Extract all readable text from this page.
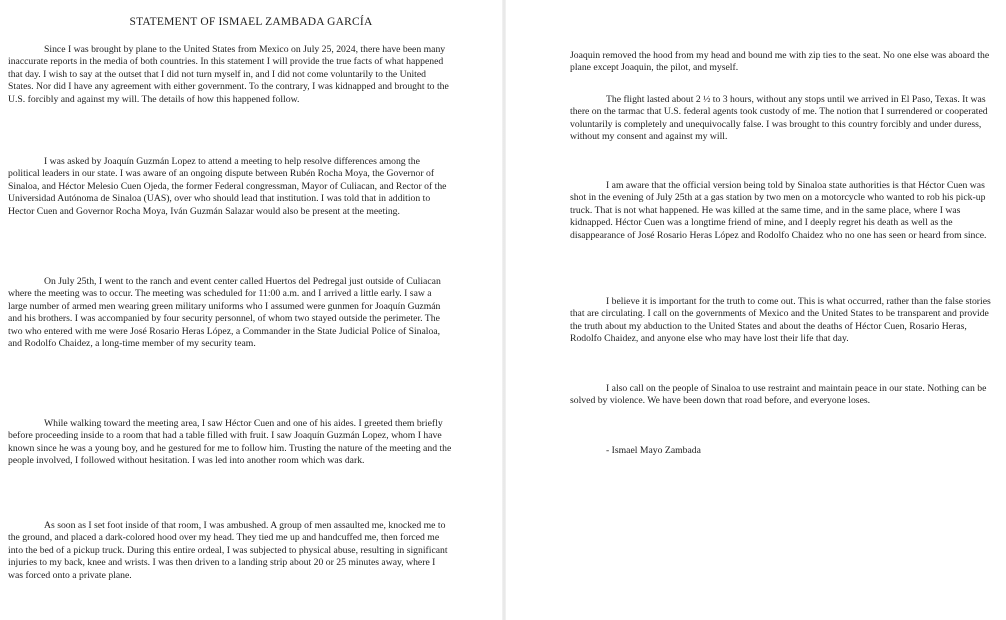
STATEMENT OF ISMAEL ZAMBADA GARCÍA

Since I was brought by plane to the United States from Mexico on July 25, 2024, there have been many inaccurate reports in the media of both countries. In this statement I will provide the true facts of what happened that day. I wish to say at the outset that I did not turn myself in, and I did not come voluntarily to the United States. Nor did I have any agreement with either government. To the contrary, I was kidnapped and brought to the U.S. forcibly and against my will. The details of how this happened follow.

I was asked by Joaquín Guzmán Lopez to attend a meeting to help resolve differences among the political leaders in our state. I was aware of an ongoing dispute between Rubén Rocha Moya, the Governor of Sinaloa, and Héctor Melesio Cuen Ojeda, the former Federal congressman, Mayor of Culiacan, and Rector of the Universidad Autónoma de Sinaloa (UAS), over who should lead that institution. I was told that in addition to Hector Cuen and Governor Rocha Moya, Iván Guzmán Salazar would also be present at the meeting.

On July 25th, I went to the ranch and event center called Huertos del Pedregal just outside of Culiacan where the meeting was to occur. The meeting was scheduled for 11:00 a.m. and I arrived a little early. I saw a large number of armed men wearing green military uniforms who I assumed were gunmen for Joaquín Guzmán and his brothers. I was accompanied by four security personnel, of whom two stayed outside the perimeter. The two who entered with me were José Rosario Heras López, a Commander in the State Judicial Police of Sinaloa, and Rodolfo Chaidez, a long-time member of my security team.

While walking toward the meeting area, I saw Héctor Cuen and one of his aides. I greeted them briefly before proceeding inside to a room that had a table filled with fruit. I saw Joaquín Guzmán Lopez, whom I have known since he was a young boy, and he gestured for me to follow him. Trusting the nature of the meeting and the people involved, I followed without hesitation. I was led into another room which was dark.

As soon as I set foot inside of that room, I was ambushed. A group of men assaulted me, knocked me to the ground, and placed a dark-colored hood over my head. They tied me up and handcuffed me, then forced me into the bed of a pickup truck. During this entire ordeal, I was subjected to physical abuse, resulting in significant injuries to my back, knee and wrists. I was then driven to a landing strip about 20 or 25 minutes away, where I was forced onto a private plane.

Joaquin removed the hood from my head and bound me with zip ties to the seat. No one else was aboard the plane except Joaquin, the pilot, and myself.

The flight lasted about 2 ½ to 3 hours, without any stops until we arrived in El Paso, Texas. It was there on the tarmac that U.S. federal agents took custody of me. The notion that I surrendered or cooperated voluntarily is completely and unequivocally false. I was brought to this country forcibly and under duress, without my consent and against my will.

I am aware that the official version being told by Sinaloa state authorities is that Héctor Cuen was shot in the evening of July 25th at a gas station by two men on a motorcycle who wanted to rob his pick-up truck. That is not what happened. He was killed at the same time, and in the same place, where I was kidnapped. Héctor Cuen was a longtime friend of mine, and I deeply regret his death as well as the disappearance of José Rosario Heras López and Rodolfo Chaidez who no one has seen or heard from since.

I believe it is important for the truth to come out. This is what occurred, rather than the false stories that are circulating. I call on the governments of Mexico and the United States to be transparent and provide the truth about my abduction to the United States and about the deaths of Héctor Cuen, Rosario Heras, Rodolfo Chaidez, and anyone else who may have lost their life that day.

I also call on the people of Sinaloa to use restraint and maintain peace in our state. Nothing can be solved by violence. We have been down that road before, and everyone loses.

- Ismael Mayo Zambada
